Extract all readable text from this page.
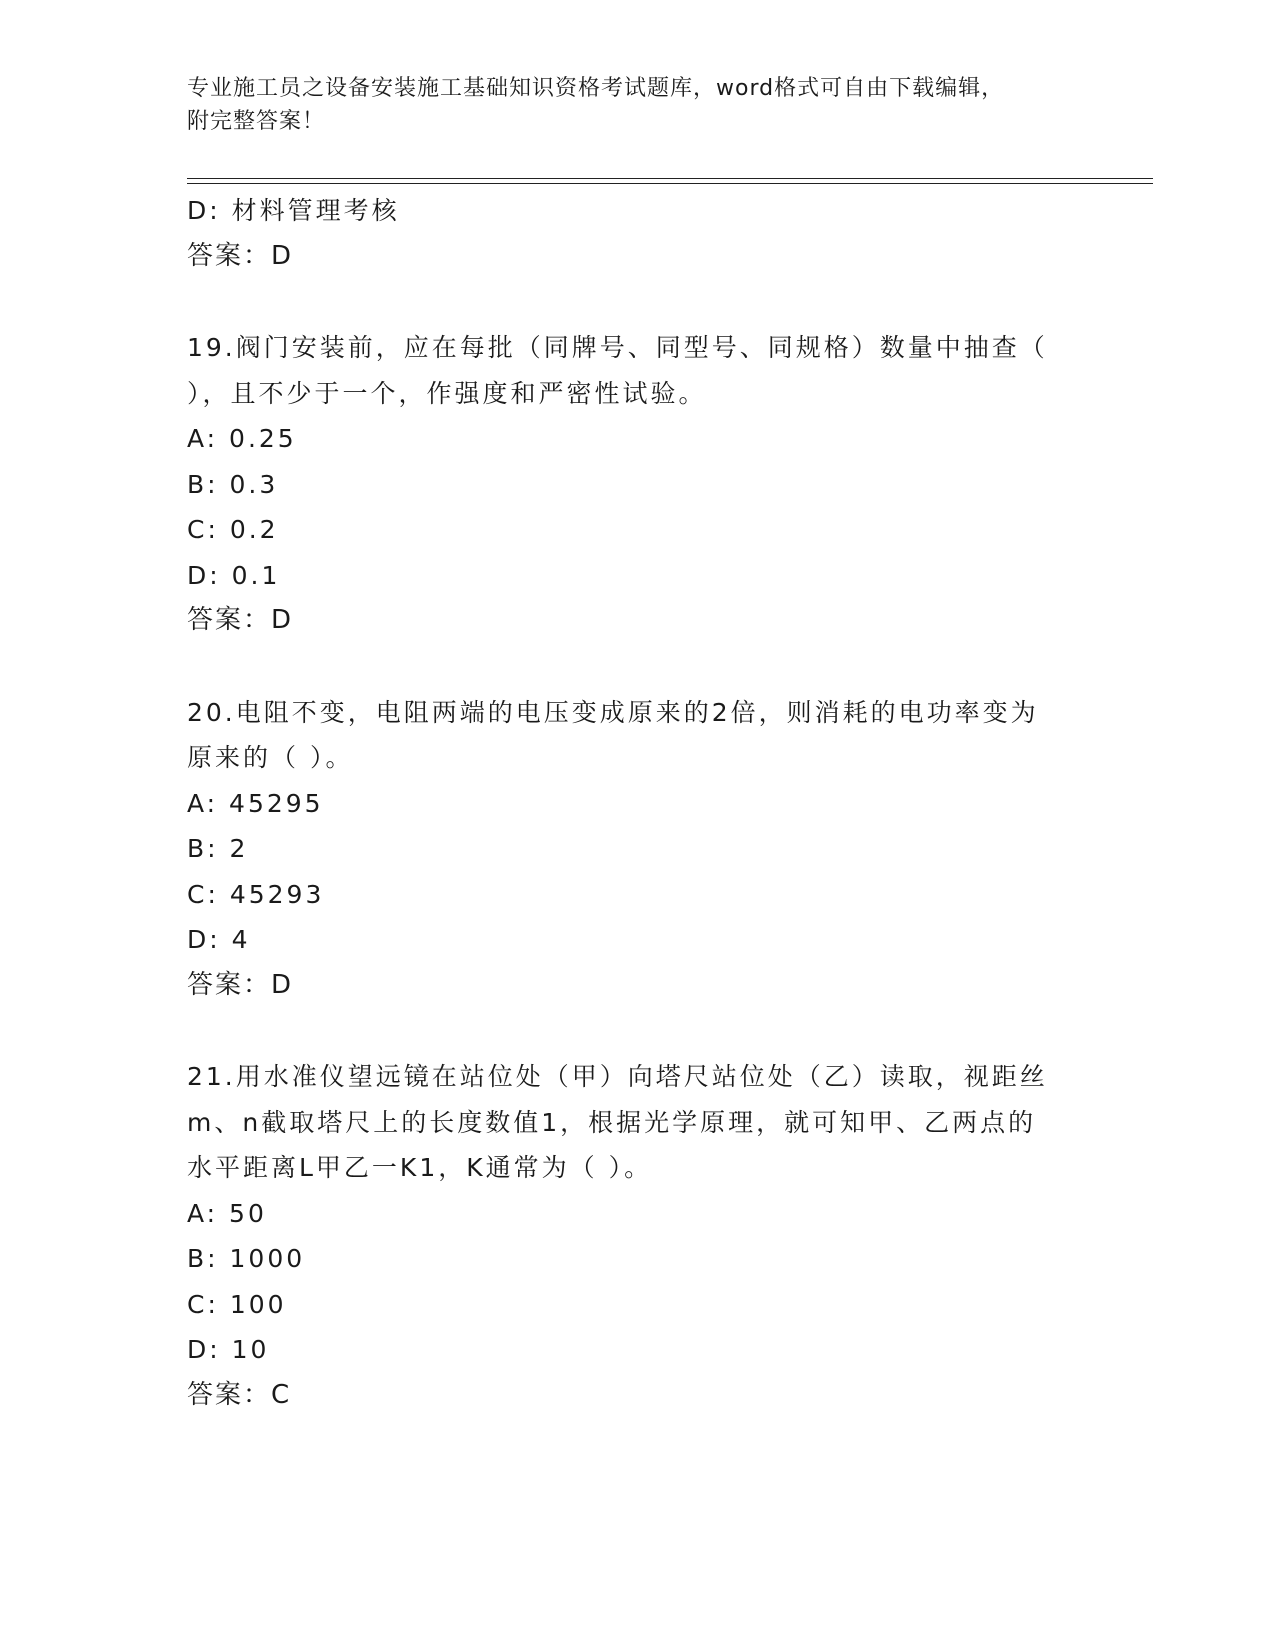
专业施工员之设备安装施工基础知识资格考试题库，word格式可自由下载编辑，
附完整答案！
D: 材料管理考核
答案：D
19.阀门安装前，应在每批（同牌号、同型号、同规格）数量中抽查（
），且不少于一个，作强度和严密性试验。
A: 0.25
B: 0.3
C: 0.2
D: 0.1
答案：D
20.电阻不变，电阻两端的电压变成原来的2倍，则消耗的电功率变为
原来的（ ）。
A: 45295
B: 2
C: 45293
D: 4
答案：D
21.用水准仪望远镜在站位处（甲）向塔尺站位处（乙）读取，视距丝
m、n截取塔尺上的长度数值1，根据光学原理，就可知甲、乙两点的
水平距离L甲乙一K1，K通常为（ ）。
A: 50
B: 1000
C: 100
D: 10
答案：C
